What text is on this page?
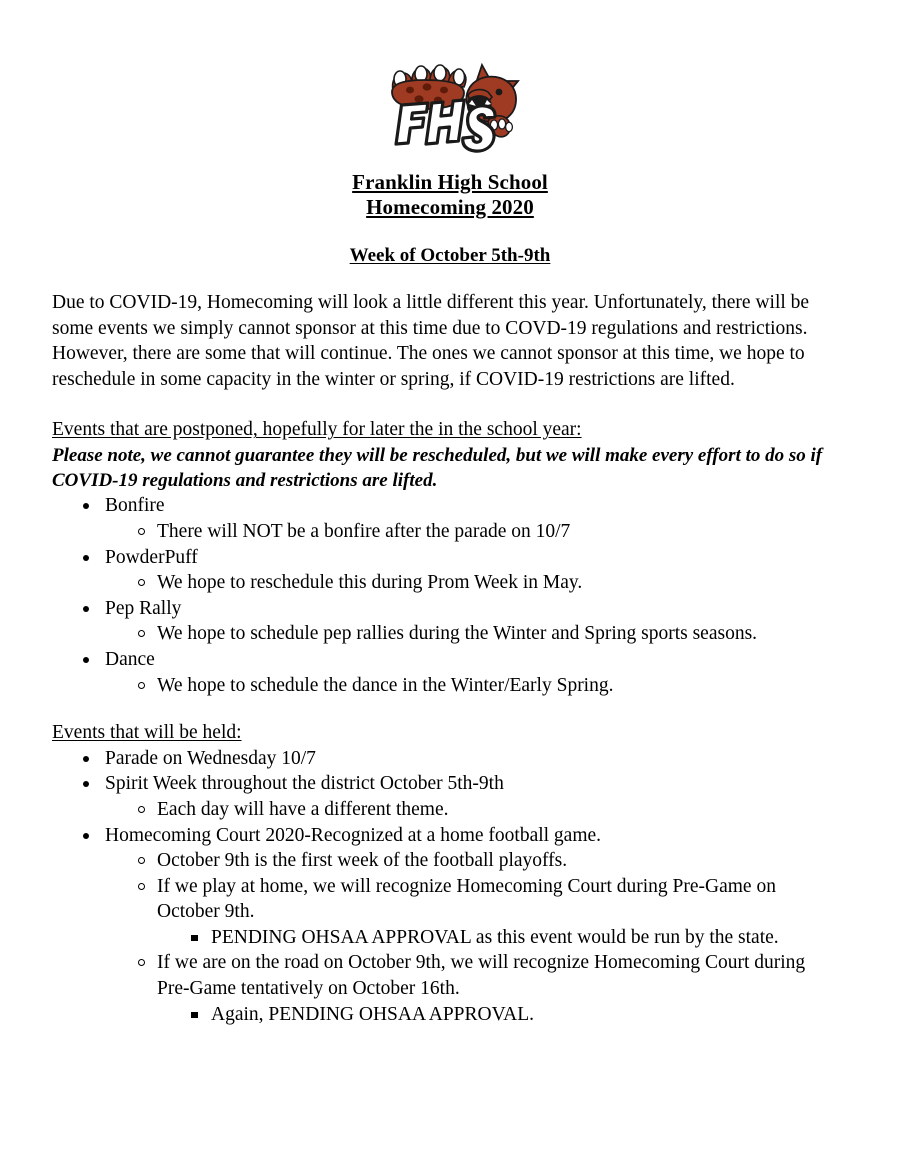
Franklin High School
Homecoming 2020
Week of October 5th-9th

Due to COVID-19, Homecoming will look a little different this year. Unfortunately, there will be some events we simply cannot sponsor at this time due to COVD-19 regulations and restrictions. However, there are some that will continue. The ones we cannot sponsor at this time, we hope to reschedule in some capacity in the winter or spring, if COVID-19 restrictions are lifted.

Events that are postponed, hopefully for later the in the school year:

Please note, we cannot guarantee they will be rescheduled, but we will make every effort to do so if COVID-19 regulations and restrictions are lifted.

Bonfire
There will NOT be a bonfire after the parade on 10/7
PowderPuff
We hope to reschedule this during Prom Week in May.
Pep Rally
We hope to schedule pep rallies during the Winter and Spring sports seasons.
Dance
We hope to schedule the dance in the Winter/Early Spring.
Events that will be held:
Parade on Wednesday 10/7
Spirit Week throughout the district October 5th-9th
Each day will have a different theme.
Homecoming Court 2020-Recognized at a home football game.
October 9th is the first week of the football playoffs.
If we play at home, we will recognize Homecoming Court during Pre-Game on October 9th.
PENDING OHSAA APPROVAL as this event would be run by the state.
If we are on the road on October 9th, we will recognize Homecoming Court during Pre-Game tentatively on October 16th.
Again, PENDING OHSAA APPROVAL.
